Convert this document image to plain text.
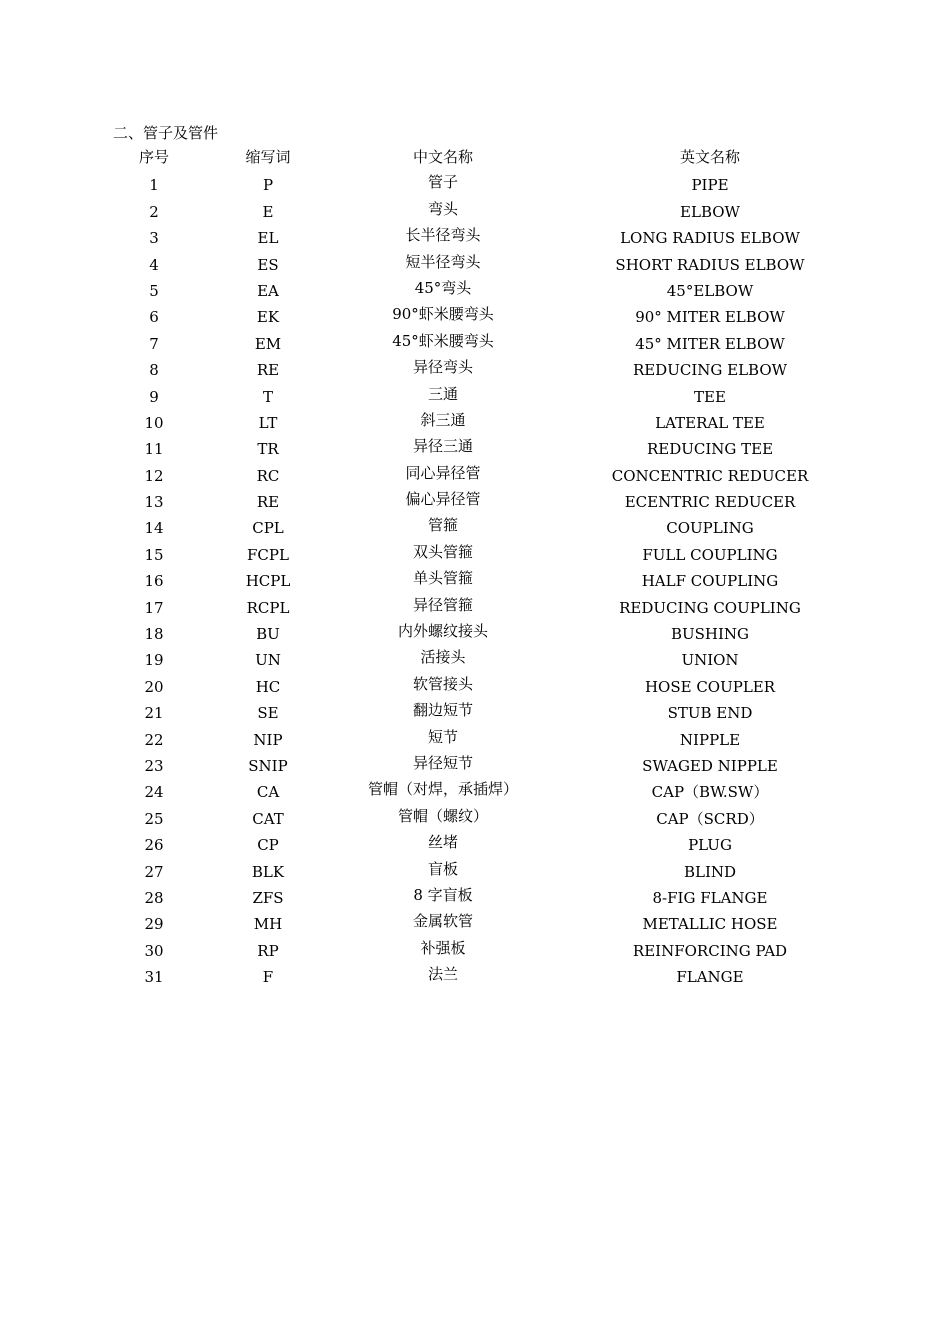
二、管子及管件
序号	缩写词	中文名称	英文名称
1	P	管子	PIPE
2	E	弯头	ELBOW
3	EL	长半径弯头	LONG RADIUS ELBOW
4	ES	短半径弯头	SHORT RADIUS ELBOW
5	EA	45°弯头	45°ELBOW
6	EK	90°虾米腰弯头	90° MITER ELBOW
7	EM	45°虾米腰弯头	45° MITER ELBOW
8	RE	异径弯头	REDUCING ELBOW
9	T	三通	TEE
10	LT	斜三通	LATERAL TEE
11	TR	异径三通	REDUCING TEE
12	RC	同心异径管	CONCENTRIC REDUCER
13	RE	偏心异径管	ECENTRIC REDUCER
14	CPL	管箍	COUPLING
15	FCPL	双头管箍	FULL COUPLING
16	HCPL	单头管箍	HALF COUPLING
17	RCPL	异径管箍	REDUCING COUPLING
18	BU	内外螺纹接头	BUSHING
19	UN	活接头	UNION
20	HC	软管接头	HOSE COUPLER
21	SE	翻边短节	STUB END
22	NIP	短节	NIPPLE
23	SNIP	异径短节	SWAGED NIPPLE
24	CA	管帽（对焊，承插焊）	CAP（BW.SW）
25	CAT	管帽（螺纹）	CAP（SCRD）
26	CP	丝堵	PLUG
27	BLK	盲板	BLIND
28	ZFS	8 字盲板	8-FIG FLANGE
29	MH	金属软管	METALLIC HOSE
30	RP	补强板	REINFORCING PAD
31	F	法兰	FLANGE
